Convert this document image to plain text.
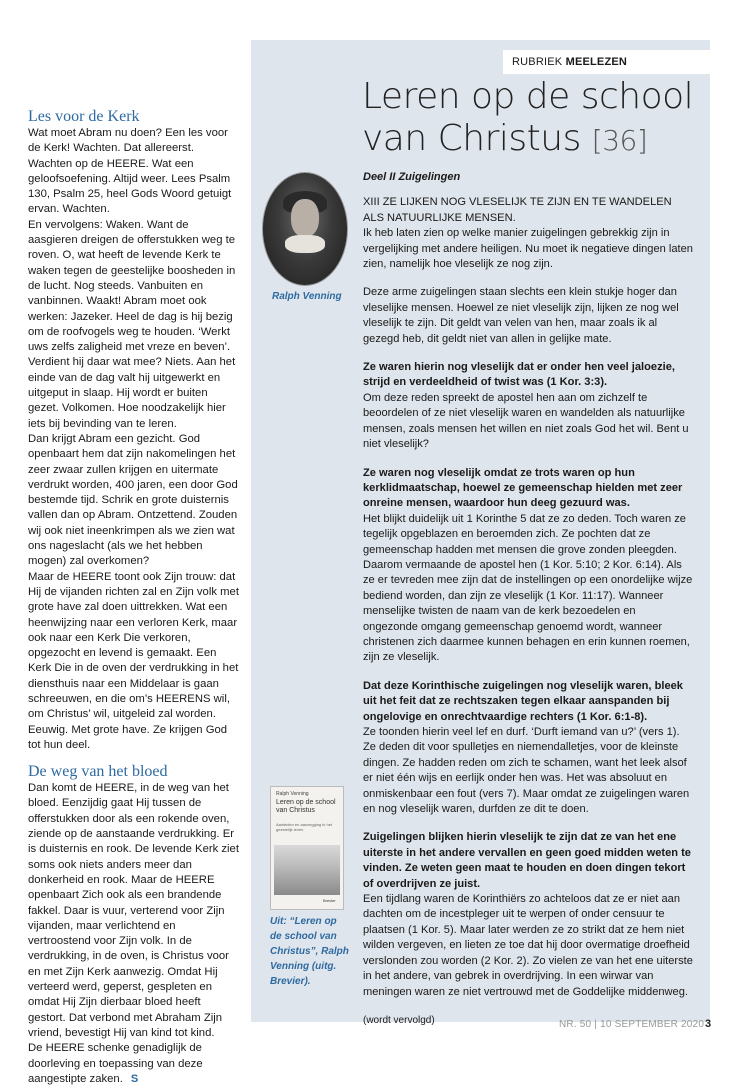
RUBRIEK MEELEZEN
Leren op de school
van Christus [36]
Les voor de Kerk

Wat moet Abram nu doen? Een les voor de Kerk! Wachten. Dat allereerst. Wachten op de HEERE. Wat een geloofsoefening. Altijd weer. Lees Psalm 130, Psalm 25, heel Gods Woord getuigt ervan. Wachten.
En vervolgens: Waken. Want de aasgieren dreigen de offerstukken weg te roven. O, wat heeft de levende Kerk te waken tegen de geestelijke boosheden in de lucht. Nog steeds. Vanbuiten en vanbinnen. Waakt! Abram moet ook werken: Jazeker. Heel de dag is hij bezig om de roofvogels weg te houden. ‘Werkt uws zelfs zaligheid met vreze en beven’. Verdient hij daar wat mee? Niets. Aan het einde van de dag valt hij uitgewerkt en uitgeput in slaap. Hij wordt er buiten gezet. Volkomen. Hoe noodzakelijk hier iets bij bevinding van te leren.
Dan krijgt Abram een gezicht. God openbaart hem dat zijn nakomelingen het zeer zwaar zullen krijgen en uitermate verdrukt worden, 400 jaren, een door God bestemde tijd. Schrik en grote duisternis vallen dan op Abram. Ontzettend. Zouden wij ook niet ineenkrimpen als we zien wat ons nageslacht (als we het hebben mogen) zal overkomen?
Maar de HEERE toont ook Zijn trouw: dat Hij de vijanden richten zal en Zijn volk met grote have zal doen uittrekken. Wat een heenwijzing naar een verloren Kerk, maar ook naar een Kerk Die verkoren, opgezocht en levend is gemaakt. Een Kerk Die in de oven der verdrukking in het diensthuis naar een Middelaar is gaan schreeuwen, en die om’s HEERENS wil, om Christus’ wil, uitgeleid zal worden. Eeuwig. Met grote have. Ze krijgen God tot hun deel.

De weg van het bloed

Dan komt de HEERE, in de weg van het bloed. Eenzijdig gaat Hij tussen de offerstukken door als een rokende oven, ziende op de aanstaande verdrukking. Er is duisternis en rook. De levende Kerk ziet soms ook niets anders meer dan donkerheid en rook. Maar de HEERE openbaart Zich ook als een brandende fakkel. Daar is vuur, verterend voor Zijn vijanden, maar verlichtend en vertroostend voor Zijn volk. In de verdrukking, in de oven, is Christus voor en met Zijn Kerk aanwezig. Omdat Hij verteerd werd, geperst, gespleten en omdat Hij Zijn dierbaar bloed heeft gestort. Dat verbond met Abraham Zijn vriend, bevestigt Hij van kind tot kind.
De HEERE schenke genadiglijk de doorleving en toepassing van deze aangestipte zaken. S

Ralph Venning
Ralph Venning
Leren op de school van Christus
Aanleiden en aanzegging in het geestelijk leven
Brevier
Uit: “Leren op de school van Christus”, Ralph Venning (uitg. Brevier).

Deel II Zuigelingen

XIII ZE LIJKEN NOG VLESELIJK TE ZIJN EN TE WANDELEN ALS NATUURLIJKE MENSEN.

Ik heb laten zien op welke manier zuigelingen gebrekkig zijn in vergelijking met andere heiligen. Nu moet ik negatieve dingen laten zien, namelijk hoe vleselijk ze nog zijn.

Deze arme zuigelingen staan slechts een klein stukje hoger dan vleselijke mensen. Hoewel ze niet vleselijk zijn, lijken ze nog wel vleselijk te zijn. Dit geldt van velen van hen, maar zoals ik al gezegd heb, dit geldt niet van allen in gelijke mate.

Ze waren hierin nog vleselijk dat er onder hen veel jaloezie, strijd en verdeeldheid of twist was (1 Kor. 3:3).

Om deze reden spreekt de apostel hen aan om zichzelf te beoordelen of ze niet vleselijk waren en wandelden als natuurlijke mensen, zoals mensen het willen en niet zoals God het wil. Bent u niet vleselijk?

Ze waren nog vleselijk omdat ze trots waren op hun kerklidmaatschap, hoewel ze gemeenschap hielden met zeer onreine mensen, waardoor hun deeg gezuurd was.

Het blijkt duidelijk uit 1 Korinthe 5 dat ze zo deden. Toch waren ze tegelijk opgeblazen en beroemden zich. Ze pochten dat ze gemeenschap hadden met mensen die grove zonden pleegden. Daarom vermaande de apostel hen (1 Kor. 5:10; 2 Kor. 6:14). Als ze er tevreden mee zijn dat de instellingen op een onordelijke wijze bediend worden, dan zijn ze vleselijk (1 Kor. 11:17). Wanneer menselijke twisten de naam van de kerk bezoedelen en ongezonde omgang gemeenschap genoemd wordt, wanneer christenen zich daarmee kunnen behagen en erin kunnen roemen, zijn ze vleselijk.

Dat deze Korinthische zuigelingen nog vleselijk waren, bleek uit het feit dat ze rechtszaken tegen elkaar aanspanden bij ongelovige en onrechtvaardige rechters (1 Kor. 6:1-8).

Ze toonden hierin veel lef en durf. ‘Durft iemand van u?’ (vers 1). Ze deden dit voor spulletjes en niemendalletjes, voor de kleinste dingen. Ze hadden reden om zich te schamen, want het leek alsof er niet één wijs en eerlijk onder hen was. Het was absoluut en onmiskenbaar een fout (vers 7). Maar omdat ze zuigelingen waren en nog vleselijk waren, durfden ze dit te doen.

Zuigelingen blijken hierin vleselijk te zijn dat ze van het ene uiterste in het andere vervallen en geen goed midden weten te vinden. Ze weten geen maat te houden en doen dingen tekort of overdrijven ze juist.

Een tijdlang waren de Korinthiërs zo achteloos dat ze er niet aan dachten om de incestpleger uit te werpen of onder censuur te plaatsen (1 Kor. 5). Maar later werden ze zo strikt dat ze hem niet wilden vergeven, en lieten ze toe dat hij door overmatige droefheid verslonden zou worden (2 Kor. 2). Zo vielen ze van het ene uiterste in het andere, van gebrek in overdrijving. In een wirwar van meningen waren ze niet vertrouwd met de Goddelijke middenweg.

(wordt vervolgd)	NR. 50 | 10 SEPTEMBER 2020 3
